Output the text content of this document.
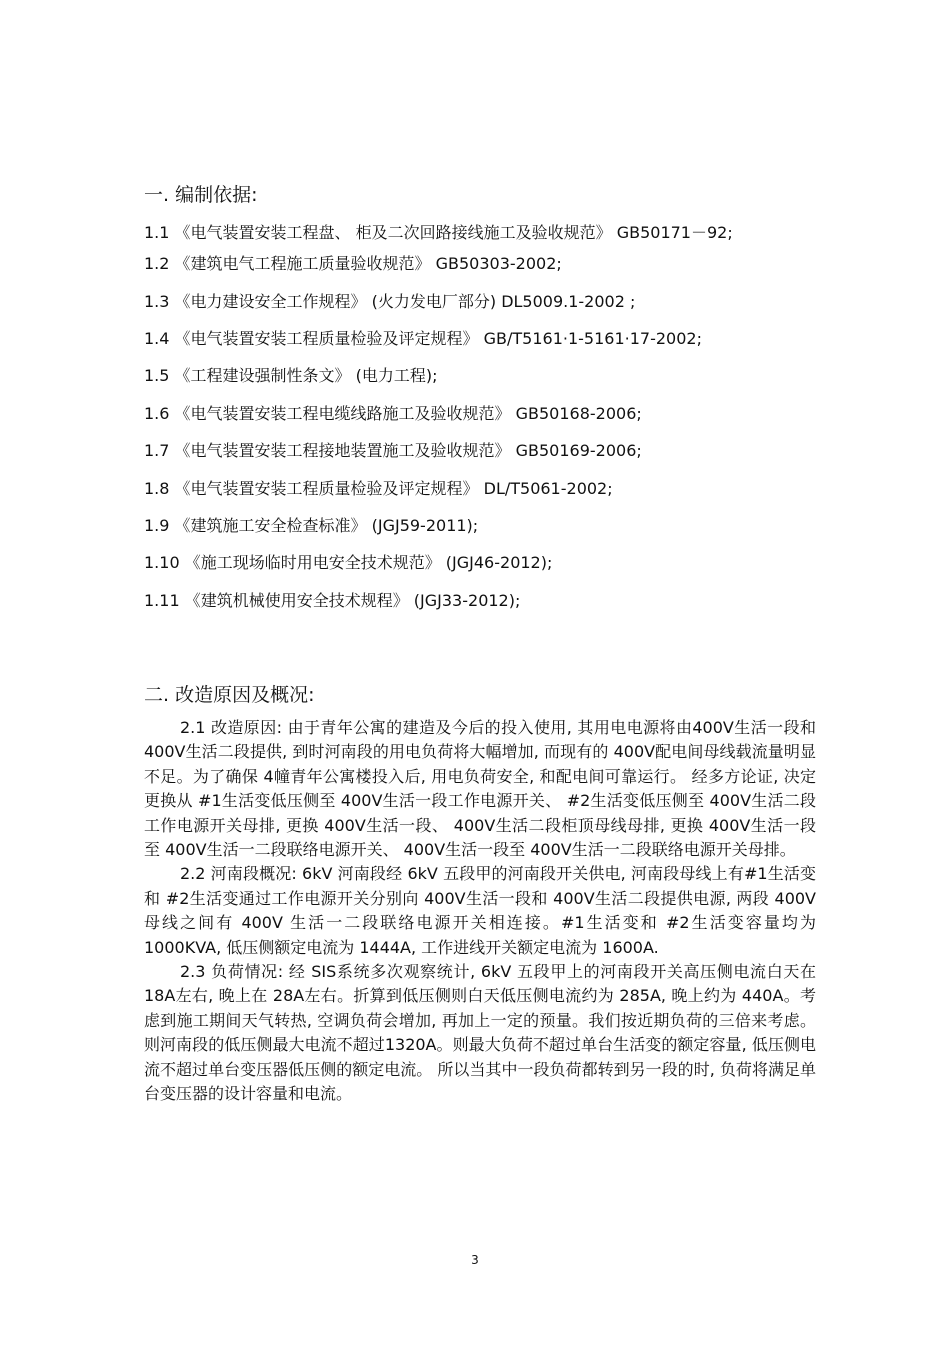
一. 编制依据:
1.1 《电气装置安装工程盘、 柜及二次回路接线施工及验收规范》 GB50171－92;
1.2 《建筑电气工程施工质量验收规范》 GB50303-2002;
1.3 《电力建设安全工作规程》 (火力发电厂部分) DL5009.1-2002 ;
1.4 《电气装置安装工程质量检验及评定规程》 GB/T5161·1-5161·17-2002;
1.5 《工程建设强制性条文》 (电力工程);
1.6 《电气装置安装工程电缆线路施工及验收规范》 GB50168-2006;
1.7 《电气装置安装工程接地装置施工及验收规范》 GB50169-2006;
1.8 《电气装置安装工程质量检验及评定规程》 DL/T5061-2002;
1.9 《建筑施工安全检查标准》 (JGJ59-2011);
1.10 《施工现场临时用电安全技术规范》 (JGJ46-2012);
1.11 《建筑机械使用安全技术规程》 (JGJ33-2012);
二. 改造原因及概况:

2.1 改造原因: 由于青年公寓的建造及今后的投入使用, 其用电电源将由400V生活一段和 400V生活二段提供, 到时河南段的用电负荷将大幅增加, 而现有的 400V配电间母线载流量明显不足。为了确保 4幢青年公寓楼投入后, 用电负荷安全, 和配电间可靠运行。 经多方论证, 决定更换从 #1生活变低压侧至 400V生活一段工作电源开关、 #2生活变低压侧至 400V生活二段工作电源开关母排, 更换 400V生活一段、 400V生活二段柜顶母线母排, 更换 400V生活一段至 400V生活一二段联络电源开关、 400V生活一段至 400V生活一二段联络电源开关母排。

2.2 河南段概况: 6kV 河南段经 6kV 五段甲的河南段开关供电, 河南段母线上有#1生活变和 #2生活变通过工作电源开关分别向 400V生活一段和 400V生活二段提供电源, 两段 400V 母线之间有 400V 生活一二段联络电源开关相连接。#1生活变和 #2生活变容量均为 1000KVA, 低压侧额定电流为 1444A, 工作进线开关额定电流为 1600A.

2.3 负荷情况: 经 SIS系统多次观察统计, 6kV 五段甲上的河南段开关高压侧电流白天在 18A左右, 晚上在 28A左右。折算到低压侧则白天低压侧电流约为 285A, 晚上约为 440A。考虑到施工期间天气转热, 空调负荷会增加, 再加上一定的预量。我们按近期负荷的三倍来考虑。 则河南段的低压侧最大电流不超过1320A。则最大负荷不超过单台生活变的额定容量, 低压侧电流不超过单台变压器低压侧的额定电流。 所以当其中一段负荷都转到另一段的时, 负荷将满足单台变压器的设计容量和电流。

3
